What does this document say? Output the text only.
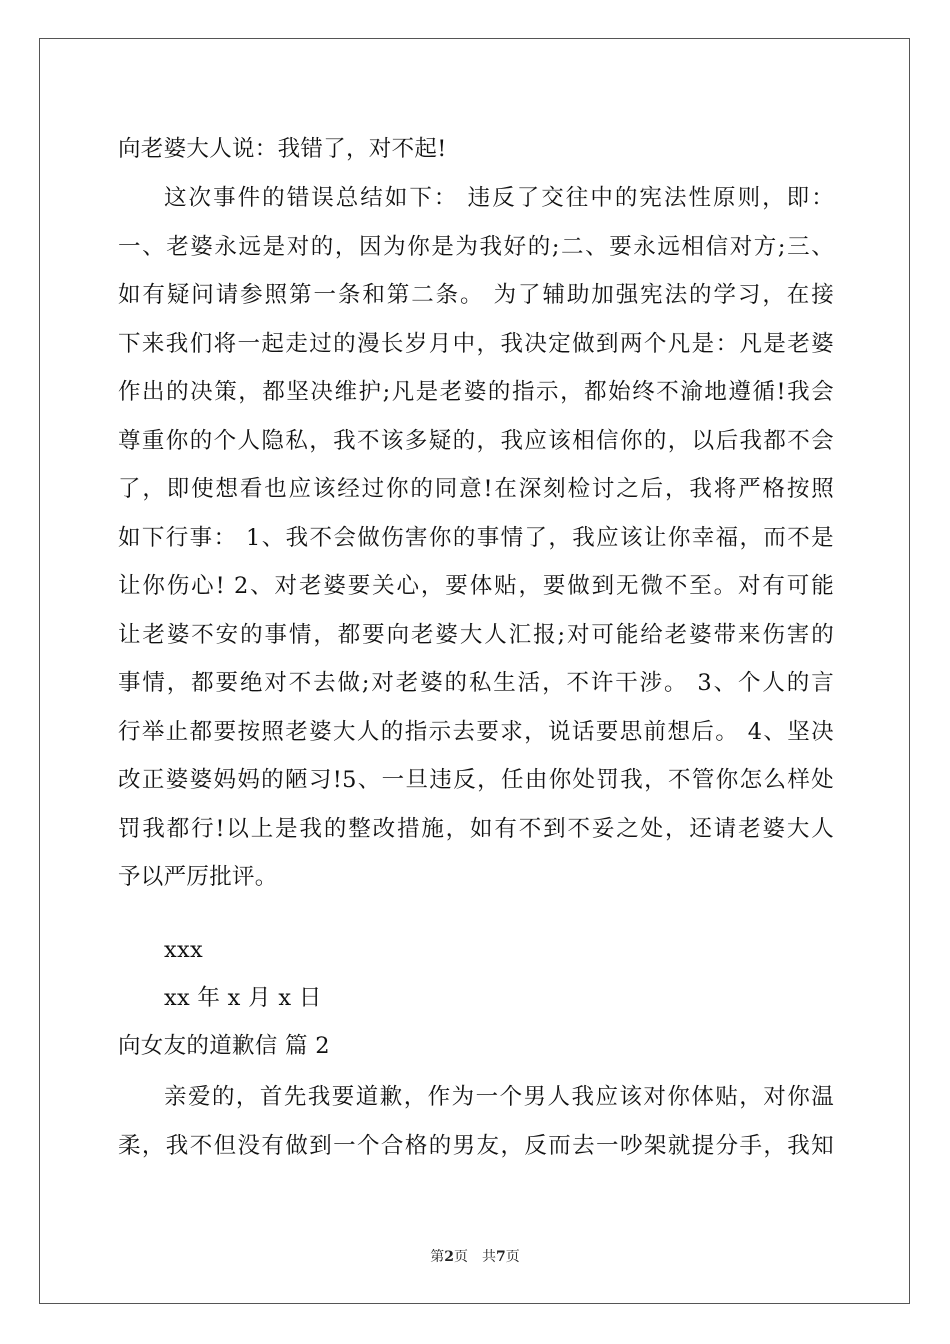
向老婆大人说：我错了，对不起!
这次事件的错误总结如下： 违反了交往中的宪法性原则，即：
一、老婆永远是对的，因为你是为我好的;二、要永远相信对方;三、
如有疑问请参照第一条和第二条。 为了辅助加强宪法的学习，在接
下来我们将一起走过的漫长岁月中，我决定做到两个凡是：凡是老婆
作出的决策，都坚决维护;凡是老婆的指示，都始终不渝地遵循!我会
尊重你的个人隐私，我不该多疑的，我应该相信你的，以后我都不会
了，即使想看也应该经过你的同意!在深刻检讨之后，我将严格按照
如下行事： 1、我不会做伤害你的事情了，我应该让你幸福，而不是
让你伤心! 2、对老婆要关心，要体贴，要做到无微不至。对有可能
让老婆不安的事情，都要向老婆大人汇报;对可能给老婆带来伤害的
事情，都要绝对不去做;对老婆的私生活，不许干涉。 3、个人的言
行举止都要按照老婆大人的指示去要求，说话要思前想后。 4、坚决
改正婆婆妈妈的陋习!5、一旦违反，任由你处罚我，不管你怎么样处
罚我都行!以上是我的整改措施，如有不到不妥之处，还请老婆大人
予以严厉批评。
xxx
xx 年 x 月 x 日
向女友的道歉信 篇 2
亲爱的，首先我要道歉，作为一个男人我应该对你体贴，对你温
柔，我不但没有做到一个合格的男友，反而去一吵架就提分手，我知
第2页 共7页
